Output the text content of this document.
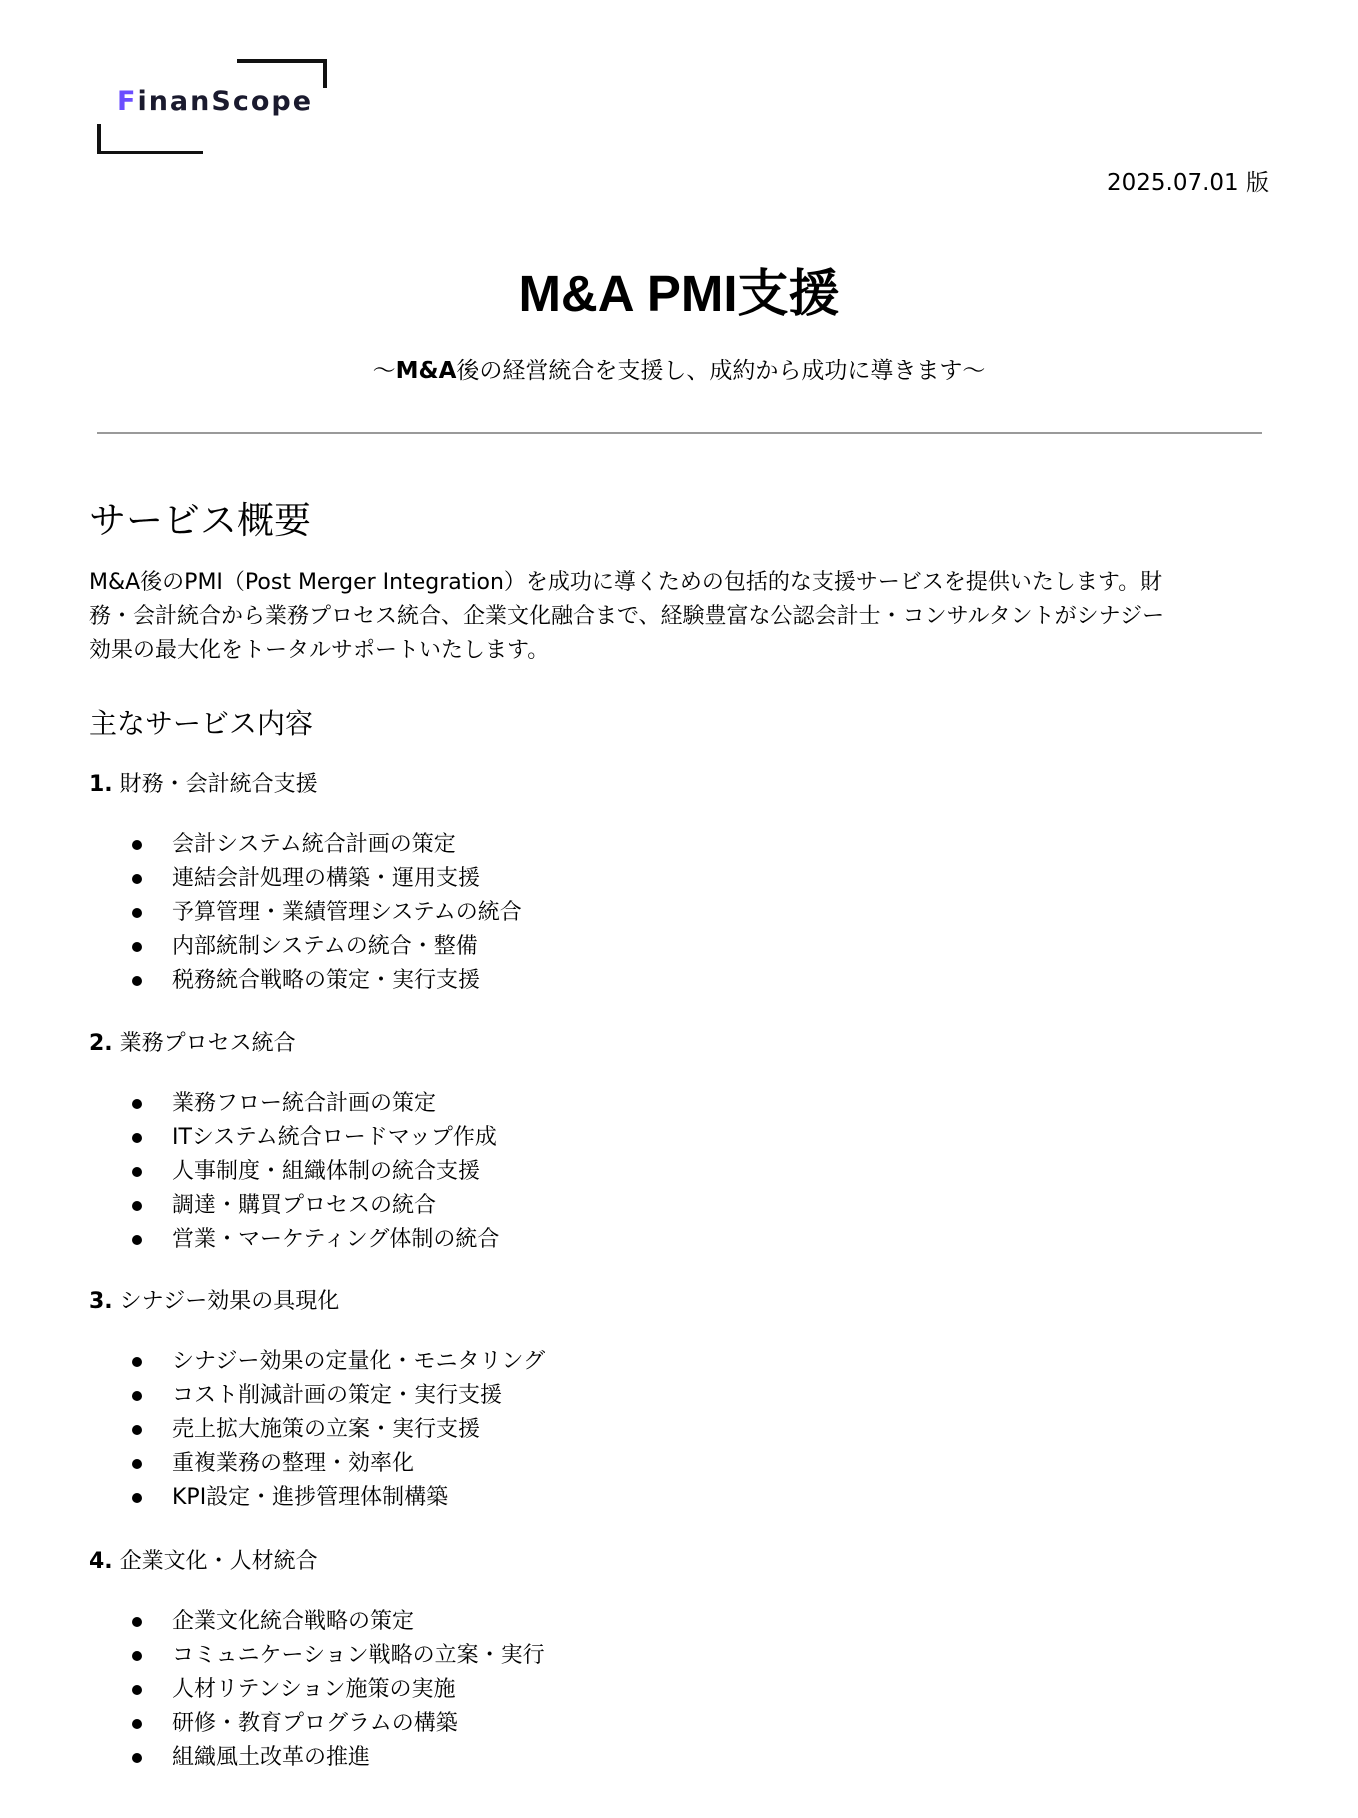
FinanScope
2025.07.01 版
M&A PMI支援
〜M&A後の経営統合を支援し、成約から成功に導きます〜
サービス概要
M&A後のPMI（Post Merger Integration）を成功に導くための包括的な支援サービスを提供いたします。財
務・会計統合から業務プロセス統合、企業文化融合まで、経験豊富な公認会計士・コンサルタントがシナジー
効果の最大化をトータルサポートいたします。
主なサービス内容
1. 財務・会計統合支援
会計システム統合計画の策定
連結会計処理の構築・運用支援
予算管理・業績管理システムの統合
内部統制システムの統合・整備
税務統合戦略の策定・実行支援
2. 業務プロセス統合
業務フロー統合計画の策定
ITシステム統合ロードマップ作成
人事制度・組織体制の統合支援
調達・購買プロセスの統合
営業・マーケティング体制の統合
3. シナジー効果の具現化
シナジー効果の定量化・モニタリング
コスト削減計画の策定・実行支援
売上拡大施策の立案・実行支援
重複業務の整理・効率化
KPI設定・進捗管理体制構築
4. 企業文化・人材統合
企業文化統合戦略の策定
コミュニケーション戦略の立案・実行
人材リテンション施策の実施
研修・教育プログラムの構築
組織風土改革の推進
